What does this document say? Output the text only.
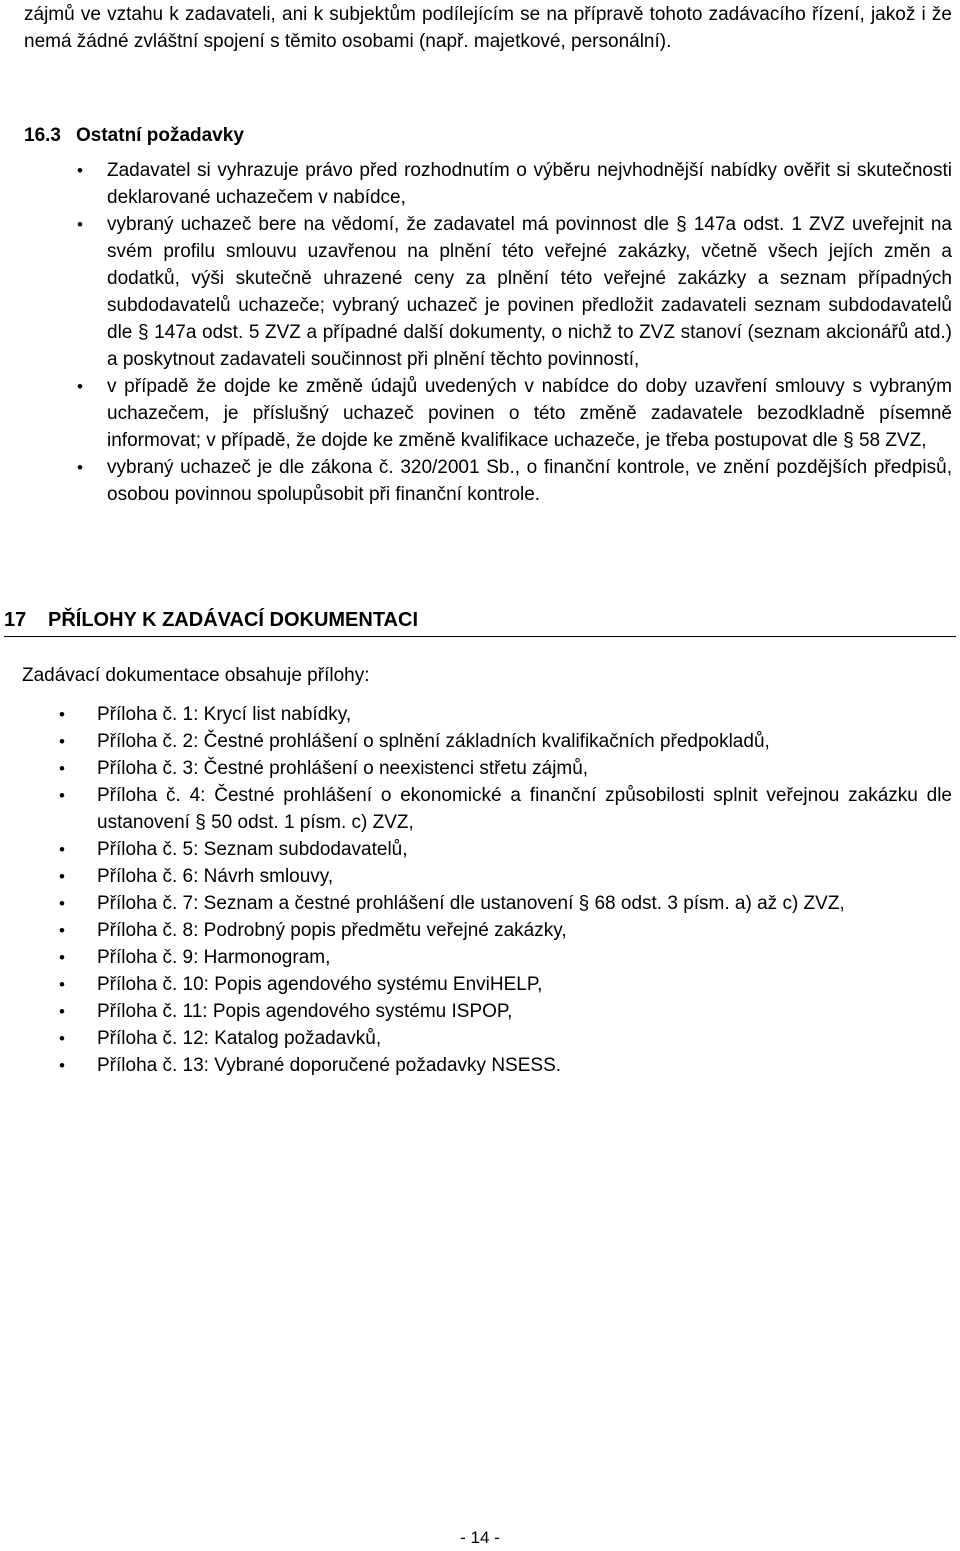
zájmů ve vztahu k zadavateli, ani k subjektům podílejícím se na přípravě tohoto zadávacího řízení, jakož i že nemá žádné zvláštní spojení s těmito osobami (např. majetkové, personální).
16.3 Ostatní požadavky
• Zadavatel si vyhrazuje právo před rozhodnutím o výběru nejvhodnější nabídky ověřit si skutečnosti deklarované uchazečem v nabídce,
• vybraný uchazeč bere na vědomí, že zadavatel má povinnost dle § 147a odst. 1 ZVZ uveřejnit na svém profilu smlouvu uzavřenou na plnění této veřejné zakázky, včetně všech jejích změn a dodatků, výši skutečně uhrazené ceny za plnění této veřejné zakázky a seznam případných subdodavatelů uchazeče; vybraný uchazeč je povinen předložit zadavateli seznam subdodavatelů dle § 147a odst. 5 ZVZ a případné další dokumenty, o nichž to ZVZ stanoví (seznam akcionářů atd.) a poskytnout zadavateli součinnost při plnění těchto povinností,
• v případě že dojde ke změně údajů uvedených v nabídce do doby uzavření smlouvy s vybraným uchazečem, je příslušný uchazeč povinen o této změně zadavatele bezodkladně písemně informovat; v případě, že dojde ke změně kvalifikace uchazeče, je třeba postupovat dle § 58 ZVZ,
• vybraný uchazeč je dle zákona č. 320/2001 Sb., o finanční kontrole, ve znění pozdějších předpisů, osobou povinnou spolupůsobit při finanční kontrole.
17 PŘÍLOHY K ZADÁVACÍ DOKUMENTACI
Zadávací dokumentace obsahuje přílohy:
• Příloha č. 1: Krycí list nabídky,
• Příloha č. 2: Čestné prohlášení o splnění základních kvalifikačních předpokladů,
• Příloha č. 3: Čestné prohlášení o neexistenci střetu zájmů,
• Příloha č. 4: Čestné prohlášení o ekonomické a finanční způsobilosti splnit veřejnou zakázku dle ustanovení § 50 odst. 1 písm. c) ZVZ,
• Příloha č. 5: Seznam subdodavatelů,
• Příloha č. 6: Návrh smlouvy,
• Příloha č. 7: Seznam a čestné prohlášení dle ustanovení § 68 odst. 3 písm. a) až c) ZVZ,
• Příloha č. 8: Podrobný popis předmětu veřejné zakázky,
• Příloha č. 9: Harmonogram,
• Příloha č. 10: Popis agendového systému EnviHELP,
• Příloha č. 11: Popis agendového systému ISPOP,
• Příloha č. 12: Katalog požadavků,
• Příloha č. 13: Vybrané doporučené požadavky NSESS.
- 14 -
